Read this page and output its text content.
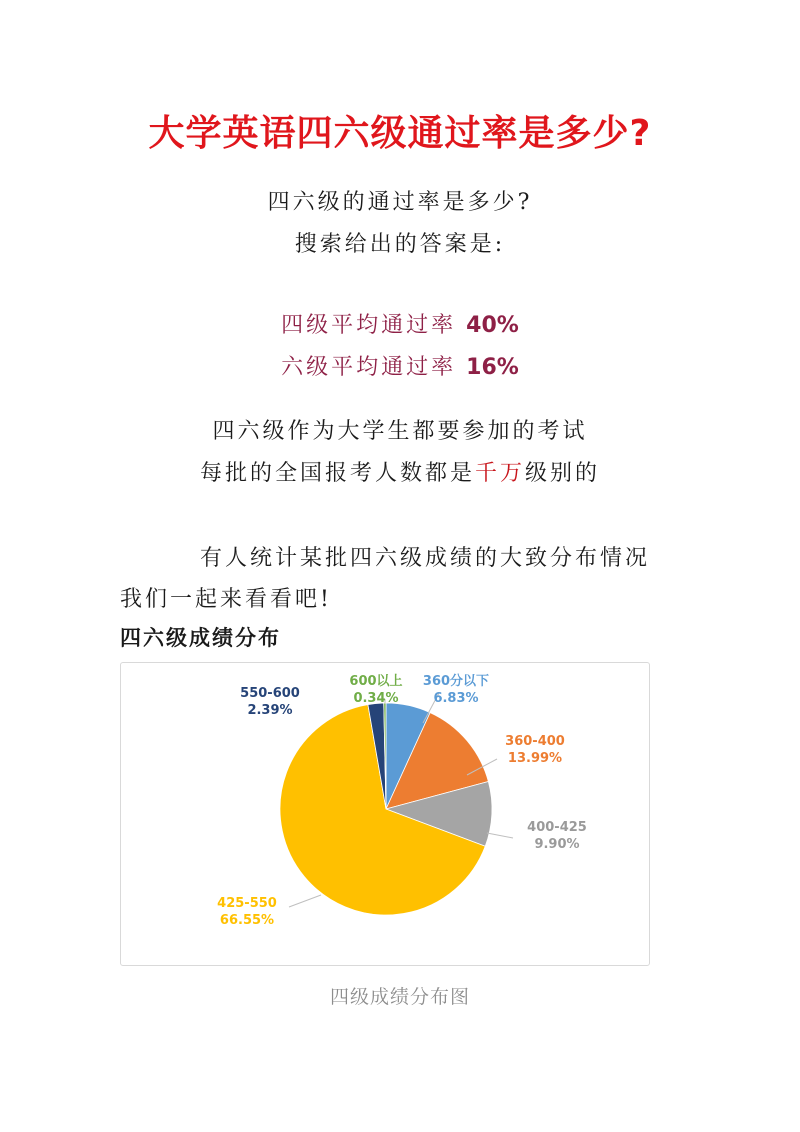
大学英语四六级通过率是多少?
四六级的通过率是多少?
搜索给出的答案是:
四级平均通过率 40%
六级平均通过率 16%
四六级作为大学生都要参加的考试
每批的全国报考人数都是千万级别的
有人统计某批四六级成绩的大致分布情况
我们一起来看看吧!
四六级成绩分布
360分以下
6.83%
360-400
13.99%
400-425
9.90%
425-550
66.55%
550-600
2.39%
600以上
0.34%
四级成绩分布图
